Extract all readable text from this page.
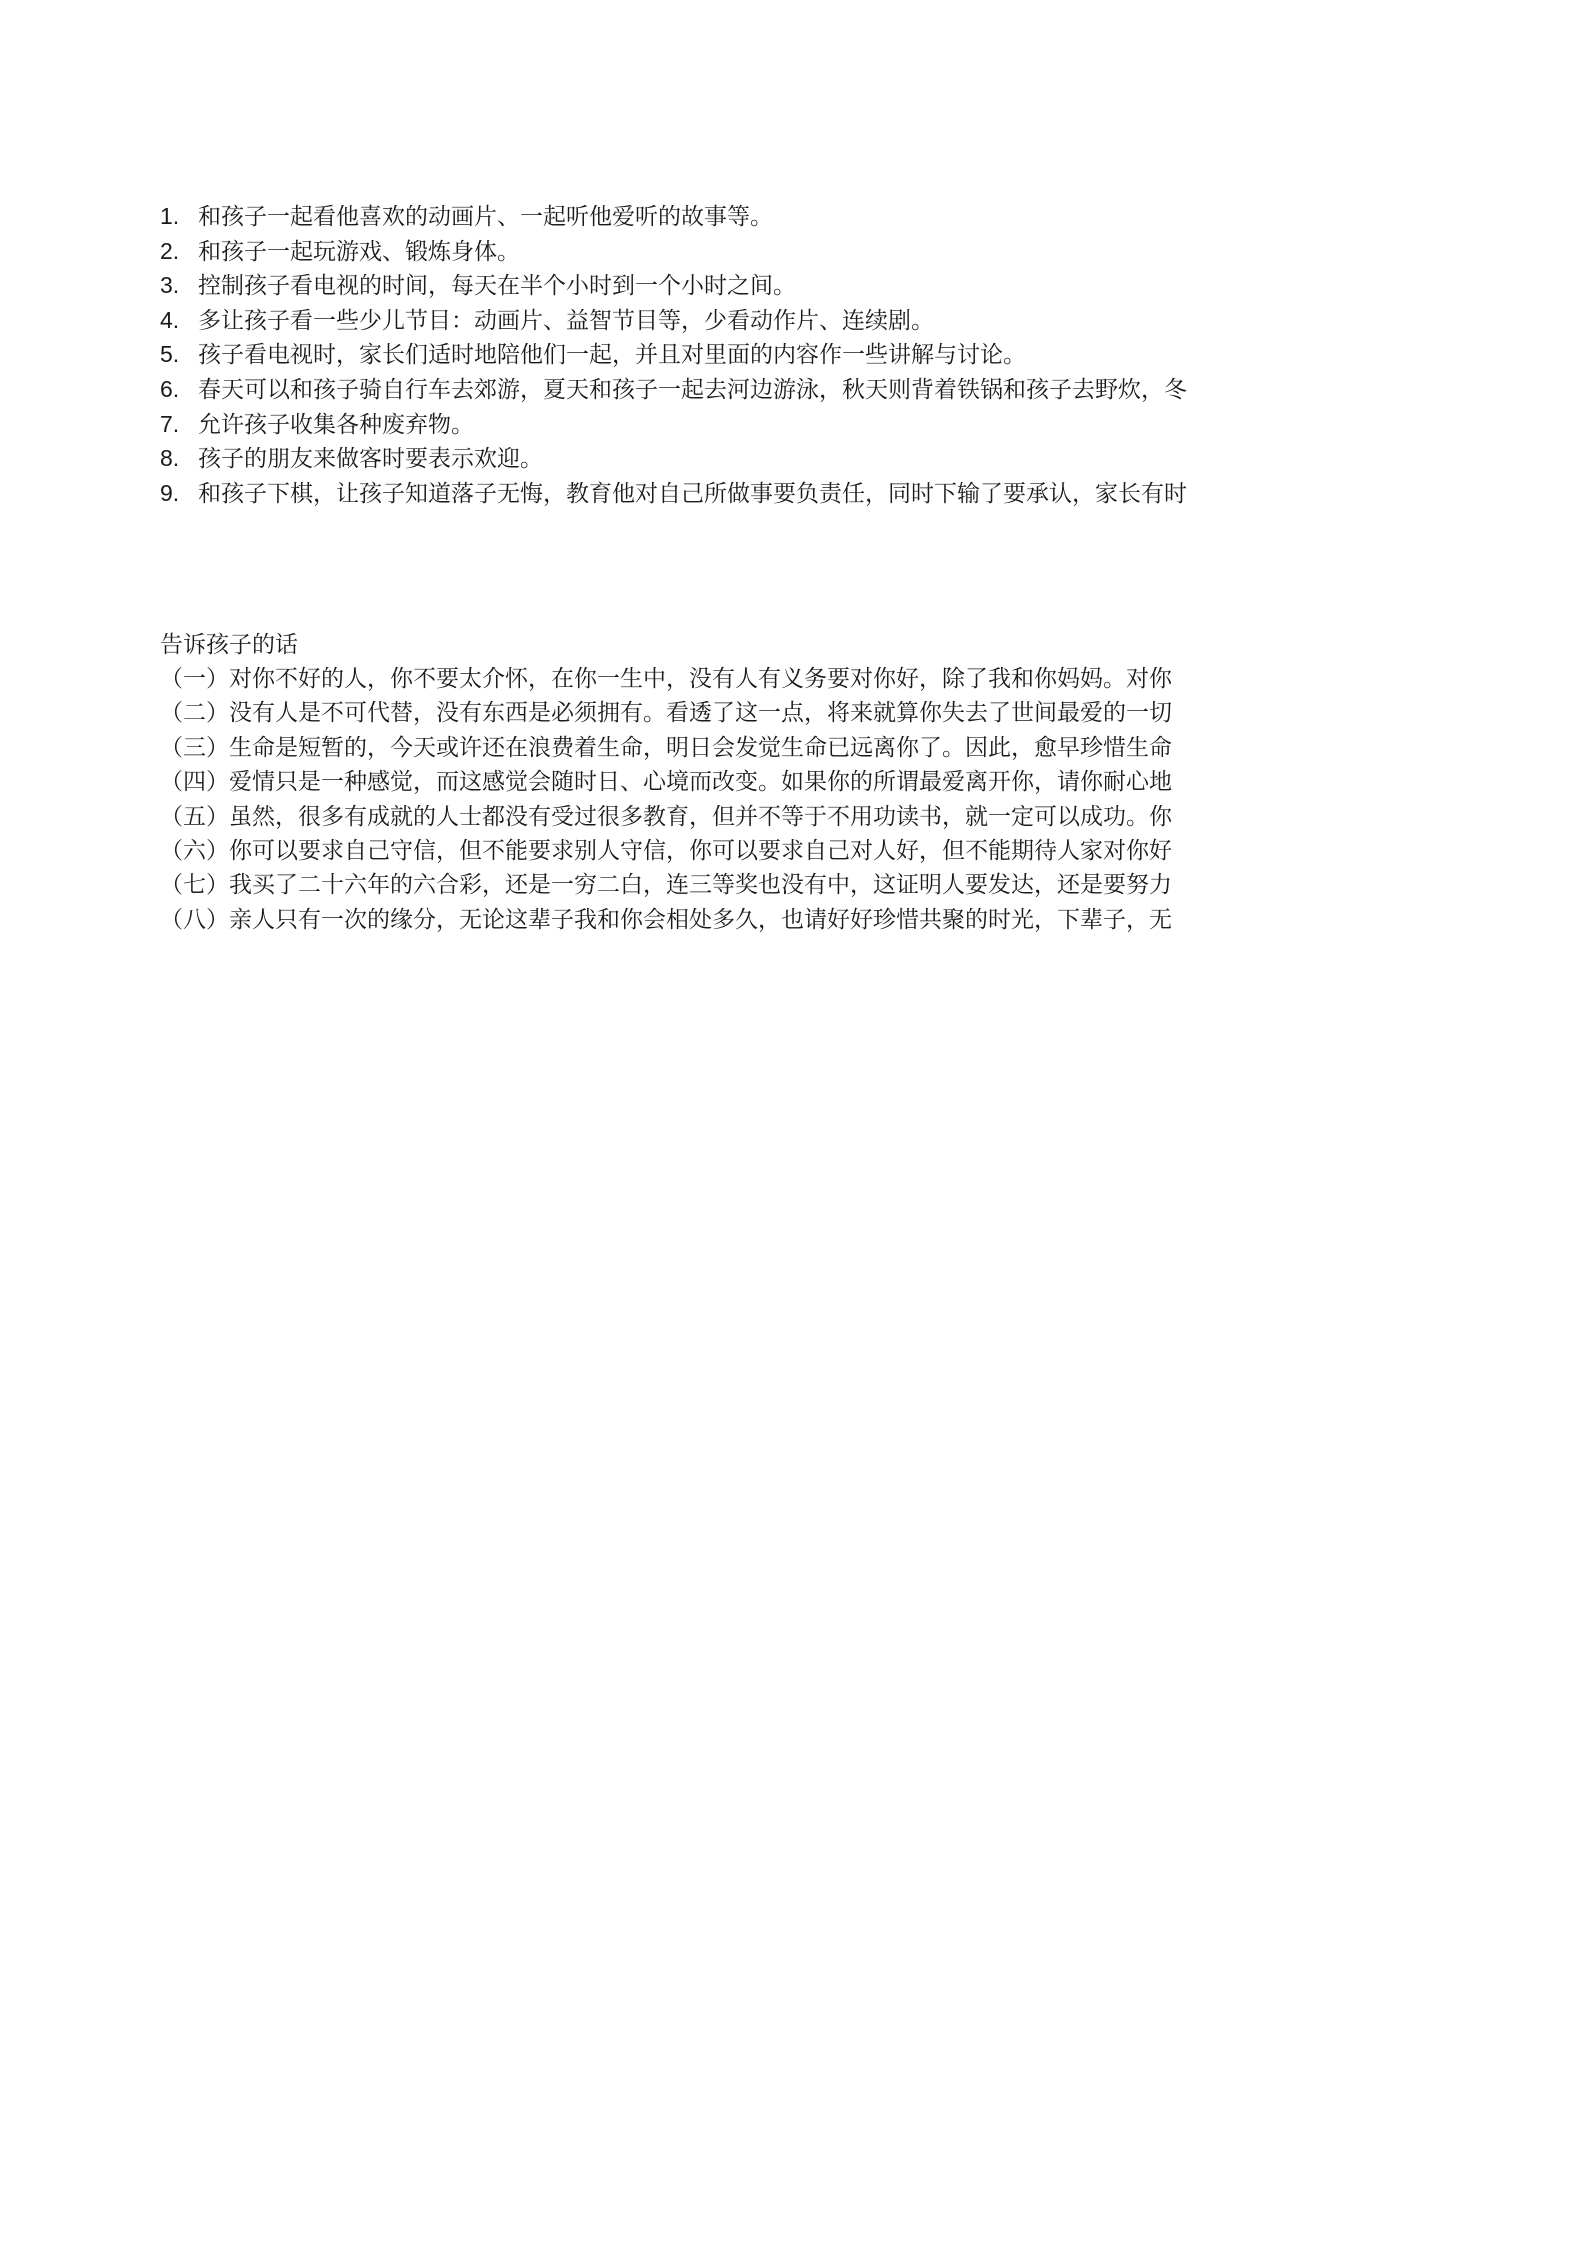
1. 和孩子一起看他喜欢的动画片、一起听他爱听的故事等。
2. 和孩子一起玩游戏、锻炼身体。
3. 控制孩子看电视的时间，每天在半个小时到一个小时之间。
4. 多让孩子看一些少儿节目：动画片、益智节目等，少看动作片、连续剧。
5. 孩子看电视时，家长们适时地陪他们一起，并且对里面的内容作一些讲解与讨论。
6. 春天可以和孩子骑自行车去郊游，夏天和孩子一起去河边游泳，秋天则背着铁锅和孩子去野炊，冬
7. 允许孩子收集各种废弃物。
8. 孩子的朋友来做客时要表示欢迎。
9. 和孩子下棋，让孩子知道落子无悔，教育他对自己所做事要负责任，同时下输了要承认，家长有时
告诉孩子的话
（一）对你不好的人，你不要太介怀，在你一生中，没有人有义务要对你好，除了我和你妈妈。对你
（二）没有人是不可代替，没有东西是必须拥有。看透了这一点，将来就算你失去了世间最爱的一切
（三）生命是短暂的，今天或许还在浪费着生命，明日会发觉生命已远离你了。因此，愈早珍惜生命
（四）爱情只是一种感觉，而这感觉会随时日、心境而改变。如果你的所谓最爱离开你，请你耐心地
（五）虽然，很多有成就的人士都没有受过很多教育，但并不等于不用功读书，就一定可以成功。你
（六）你可以要求自己守信，但不能要求别人守信，你可以要求自己对人好，但不能期待人家对你好
（七）我买了二十六年的六合彩，还是一穷二白，连三等奖也没有中，这证明人要发达，还是要努力
（八）亲人只有一次的缘分，无论这辈子我和你会相处多久，也请好好珍惜共聚的时光，下辈子，无
